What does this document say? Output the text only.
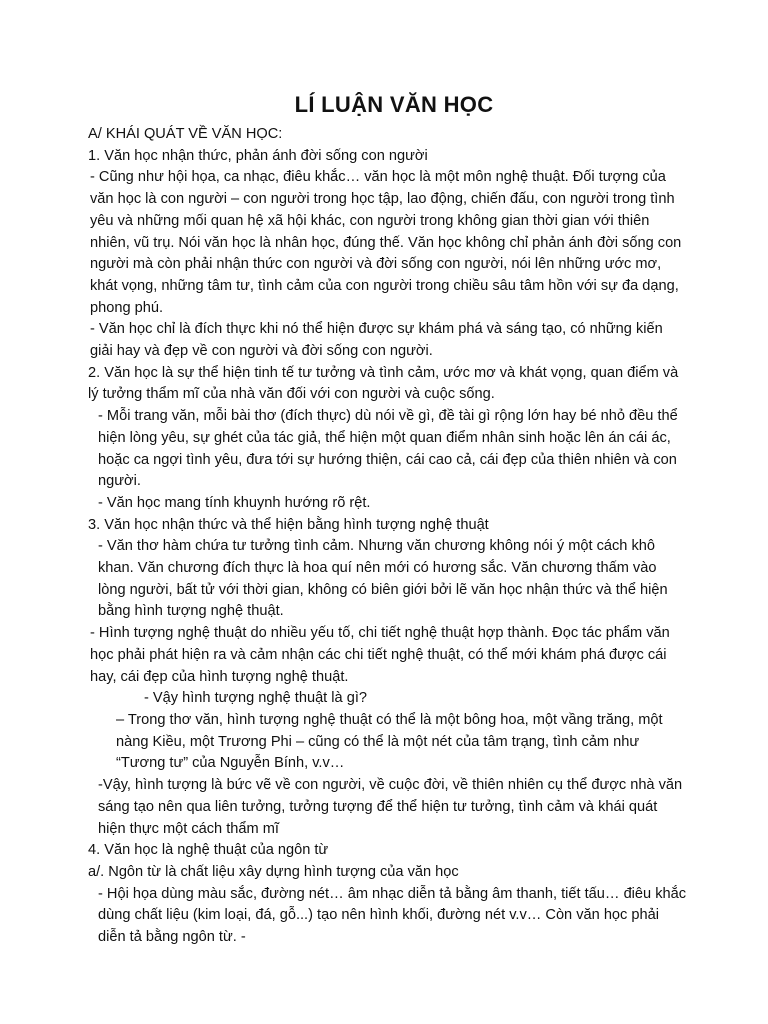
LÍ LUẬN VĂN HỌC

A/ KHÁI QUÁT VỀ VĂN HỌC:

1. Văn học nhận thức, phản ánh đời sống con người

- Cũng như hội họa, ca nhạc, điêu khắc… văn học là một môn nghệ thuật. Đối tượng của văn học là con người – con người trong học tập, lao động, chiến đấu, con người trong tình yêu và những mối quan hệ xã hội khác, con người trong không gian thời gian với thiên nhiên, vũ trụ. Nói văn học là nhân học, đúng thế. Văn học không chỉ phản ánh đời sống con người mà còn phải nhận thức con người và đời sống con người, nói lên những ước mơ, khát vọng, những tâm tư, tình cảm của con người trong chiều sâu tâm hồn với sự đa dạng, phong phú.

- Văn học chỉ là đích thực khi nó thể hiện được sự khám phá và sáng tạo, có những kiến giải hay và đẹp về con người và đời sống con người.

2. Văn học là sự thể hiện tinh tế tư tưởng và tình cảm, ước mơ và khát vọng, quan điểm và lý tưởng thẩm mĩ của nhà văn đối với con người và cuộc sống.

- Mỗi trang văn, mỗi bài thơ (đích thực) dù nói về gì, đề tài gì rộng lớn hay bé nhỏ đều thể hiện lòng yêu, sự ghét của tác giả, thể hiện một quan điểm nhân sinh hoặc lên án cái ác, hoặc ca ngợi tình yêu, đưa tới sự hướng thiện, cái cao cả, cái đẹp của thiên nhiên và con người.

- Văn học mang tính khuynh hướng rõ rệt.

3. Văn học nhận thức và thể hiện bằng hình tượng nghệ thuật

- Văn thơ hàm chứa tư tưởng tình cảm. Nhưng văn chương không nói ý một cách khô khan. Văn chương đích thực là hoa quí nên mới có hương sắc. Văn chương thấm vào lòng người, bất tử với thời gian, không có biên giới bởi lẽ văn học nhận thức và thể hiện bằng hình tượng nghệ thuật.

- Hình tượng nghệ thuật do nhiều yếu tố, chi tiết nghệ thuật hợp thành. Đọc tác phẩm văn học phải phát hiện ra và cảm nhận các chi tiết nghệ thuật, có thể mới khám phá được cái hay, cái đẹp của hình tượng nghệ thuật.

- Vậy hình tượng nghệ thuật là gì?

– Trong thơ văn, hình tượng nghệ thuật có thể là một bông hoa, một vầng trăng, một nàng Kiều, một Trương Phi – cũng có thể là một nét của tâm trạng, tình cảm như “Tương tư” của Nguyễn Bính, v.v…

-Vậy, hình tượng là bức vẽ về con người, về cuộc đời, về thiên nhiên cụ thể được nhà văn sáng tạo nên qua liên tưởng, tưởng tượng để thể hiện tư tưởng, tình cảm và khái quát hiện thực một cách thẩm mĩ

4. Văn học là nghệ thuật của ngôn từ

a/. Ngôn từ là chất liệu xây dựng hình tượng của văn học

- Hội họa dùng màu sắc, đường nét… âm nhạc diễn tả bằng âm thanh, tiết tấu… điêu khắc dùng chất liệu (kim loại, đá, gỗ...) tạo nên hình khối, đường nét v.v… Còn văn học phải diễn tả bằng ngôn từ. -
